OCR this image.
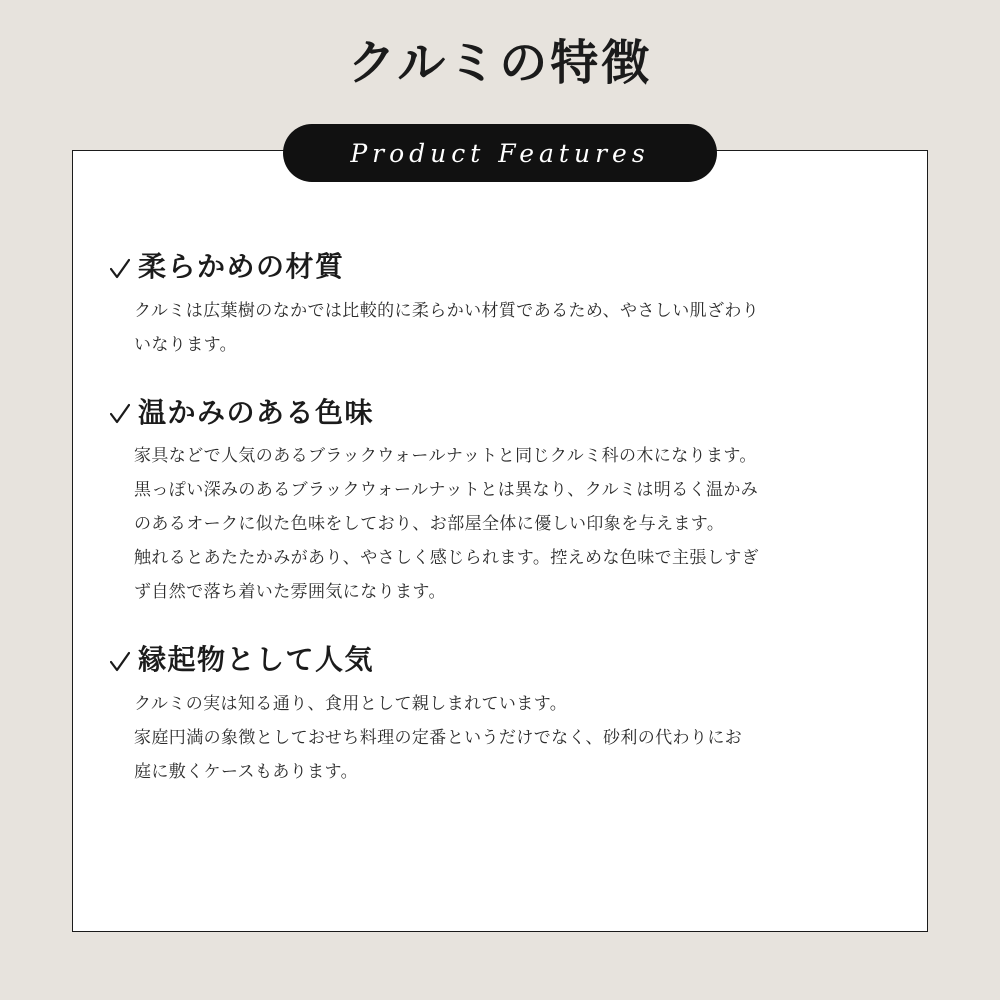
クルミの特徴
Product Features
柔らかめの材質

クルミは広葉樹のなかでは比較的に柔らかい材質であるため、やさしい肌ざわり

いなります。

温かみのある色味

家具などで人気のあるブラックウォールナットと同じクルミ科の木になります。

黒っぽい深みのあるブラックウォールナットとは異なり、クルミは明るく温かみ

のあるオークに似た色味をしており、お部屋全体に優しい印象を与えます。

触れるとあたたかみがあり、やさしく感じられます。控えめな色味で主張しすぎ

ず自然で落ち着いた雰囲気になります。

縁起物として人気

クルミの実は知る通り、食用として親しまれています。

家庭円満の象徴としておせち料理の定番というだけでなく、砂利の代わりにお

庭に敷くケースもあります。
